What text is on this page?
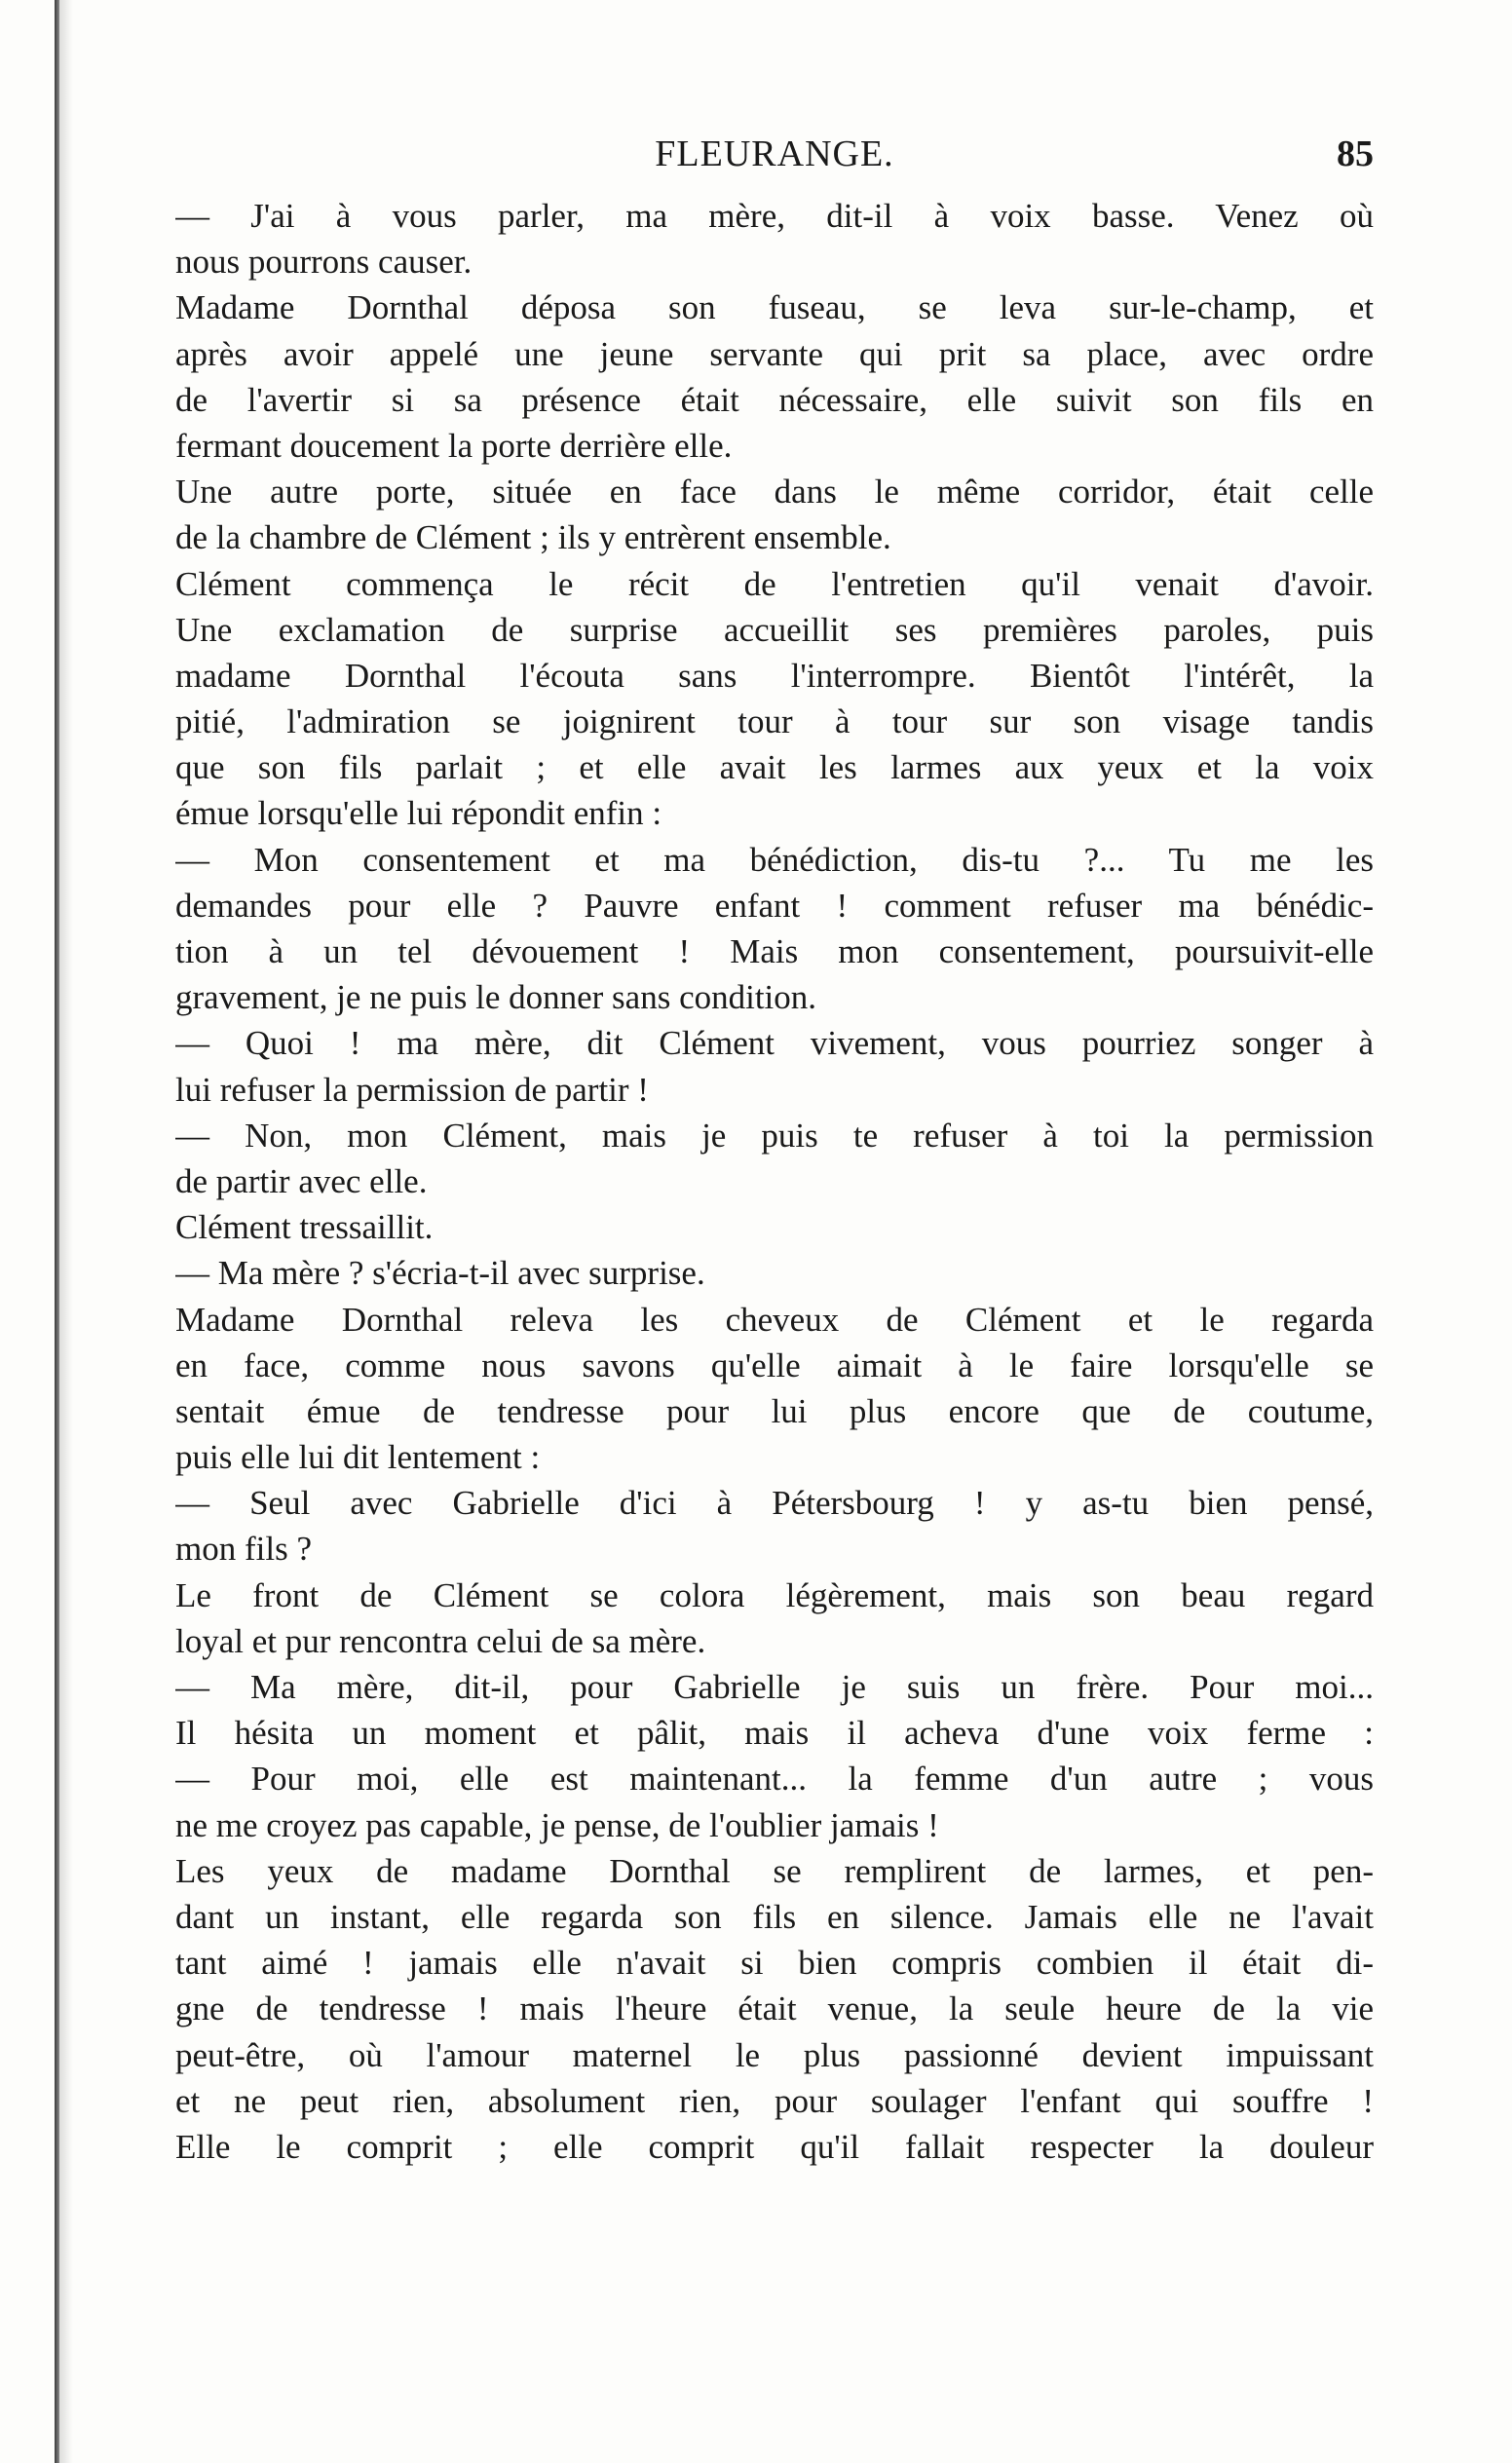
FLEURANGE.	85
— J'ai à vous parler, ma mère, dit-il à voix basse. Venez où
nous pourrons causer.
Madame Dornthal déposa son fuseau, se leva sur-le-champ, et
après avoir appelé une jeune servante qui prit sa place, avec ordre
de l'avertir si sa présence était nécessaire, elle suivit son fils en
fermant doucement la porte derrière elle.
Une autre porte, située en face dans le même corridor, était celle
de la chambre de Clément ; ils y entrèrent ensemble.
Clément commença le récit de l'entretien qu'il venait d'avoir.
Une exclamation de surprise accueillit ses premières paroles, puis
madame Dornthal l'écouta sans l'interrompre. Bientôt l'intérêt, la
pitié, l'admiration se joignirent tour à tour sur son visage tandis
que son fils parlait ; et elle avait les larmes aux yeux et la voix
émue lorsqu'elle lui répondit enfin :
— Mon consentement et ma bénédiction, dis-tu ?... Tu me les
demandes pour elle ? Pauvre enfant ! comment refuser ma bénédic-
tion à un tel dévouement ! Mais mon consentement, poursuivit-elle
gravement, je ne puis le donner sans condition.
— Quoi ! ma mère, dit Clément vivement, vous pourriez songer à
lui refuser la permission de partir !
— Non, mon Clément, mais je puis te refuser à toi la permission
de partir avec elle.
Clément tressaillit.
— Ma mère ? s'écria-t-il avec surprise.
Madame Dornthal releva les cheveux de Clément et le regarda
en face, comme nous savons qu'elle aimait à le faire lorsqu'elle se
sentait émue de tendresse pour lui plus encore que de coutume,
puis elle lui dit lentement :
— Seul avec Gabrielle d'ici à Pétersbourg ! y as-tu bien pensé,
mon fils ?
Le front de Clément se colora légèrement, mais son beau regard
loyal et pur rencontra celui de sa mère.
— Ma mère, dit-il, pour Gabrielle je suis un frère. Pour moi...
Il hésita un moment et pâlit, mais il acheva d'une voix ferme :
— Pour moi, elle est maintenant... la femme d'un autre ; vous
ne me croyez pas capable, je pense, de l'oublier jamais !
Les yeux de madame Dornthal se remplirent de larmes, et pen-
dant un instant, elle regarda son fils en silence. Jamais elle ne l'avait
tant aimé ! jamais elle n'avait si bien compris combien il était di-
gne de tendresse ! mais l'heure était venue, la seule heure de la vie
peut-être, où l'amour maternel le plus passionné devient impuissant
et ne peut rien, absolument rien, pour soulager l'enfant qui souffre !
Elle le comprit ; elle comprit qu'il fallait respecter la douleur
